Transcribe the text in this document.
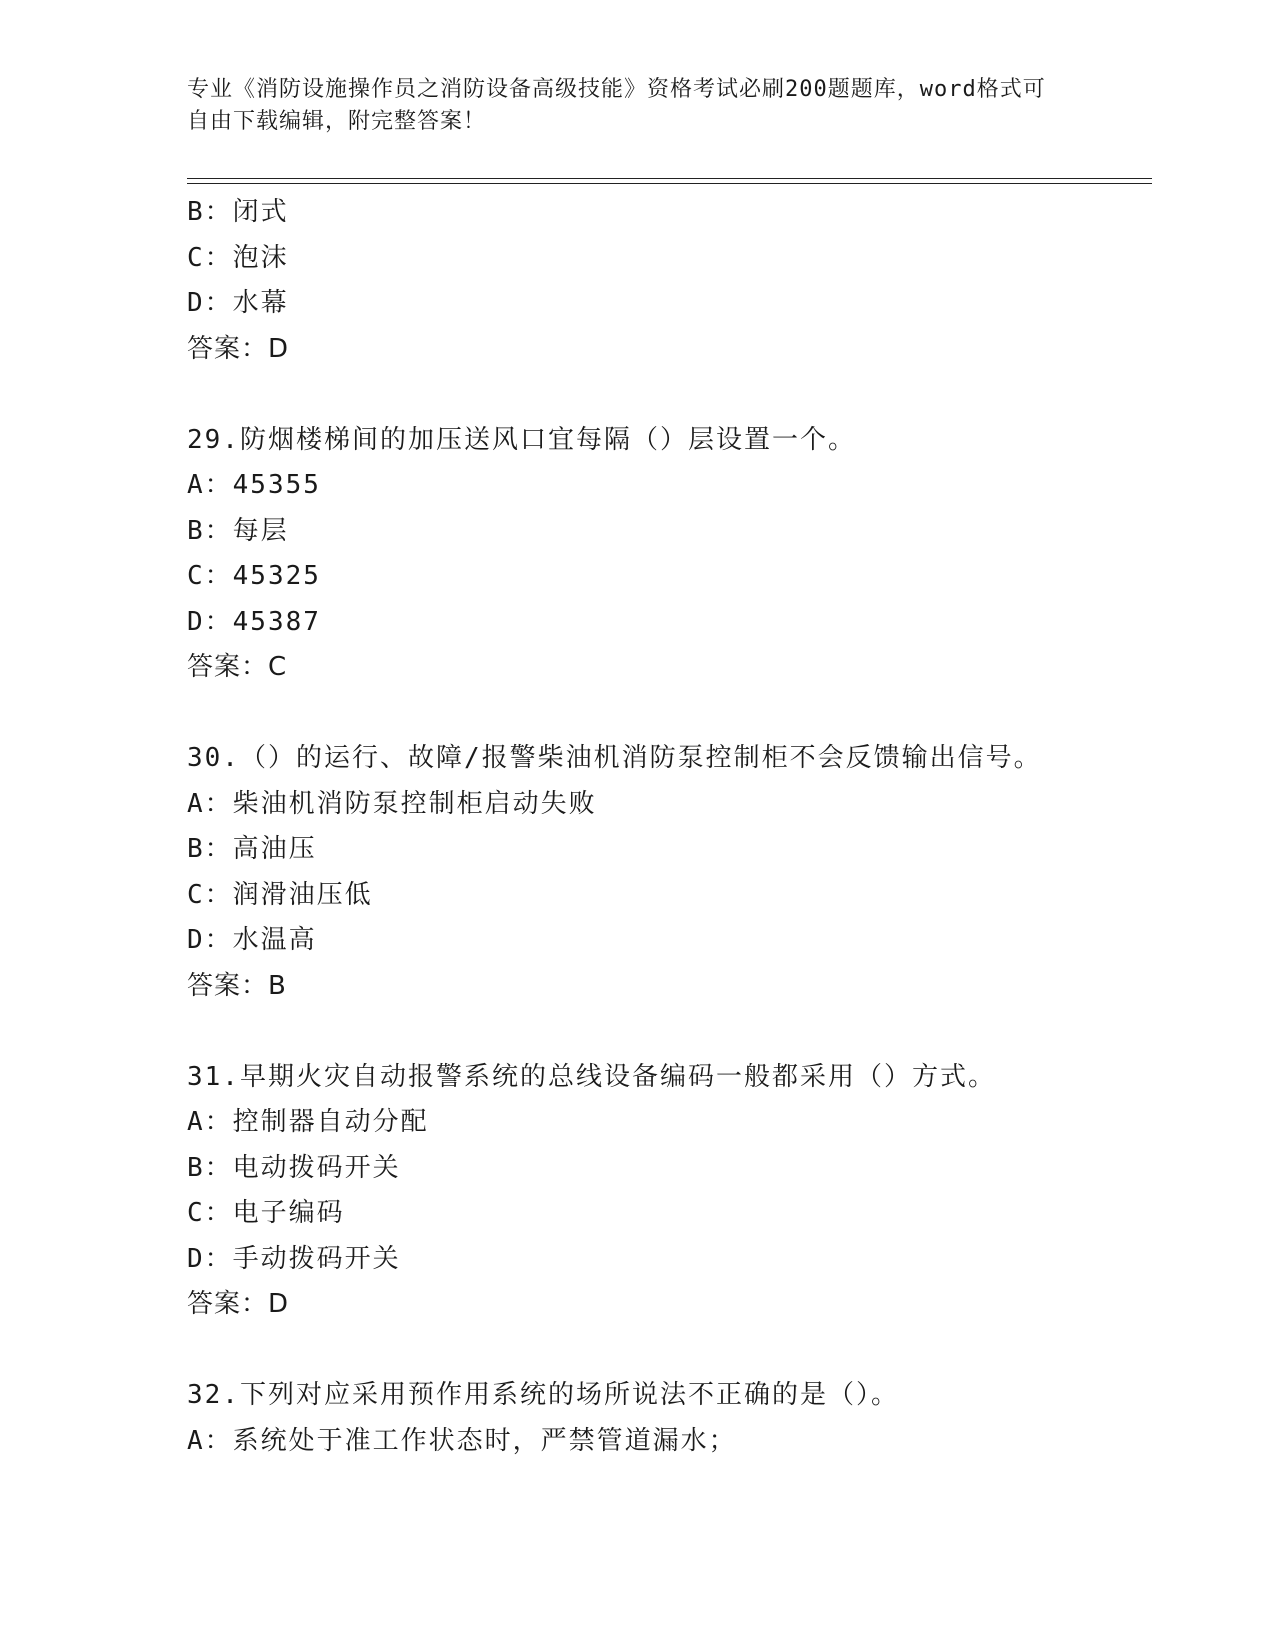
专业《消防设施操作员之消防设备高级技能》资格考试必刷200题题库，word格式可自由下载编辑，附完整答案！
B：闭式
C：泡沫
D：水幕
答案：D
29.防烟楼梯间的加压送风口宜每隔（）层设置一个。
A：45355
B：每层
C：45325
D：45387
答案：C
30.（）的运行、故障/报警柴油机消防泵控制柜不会反馈输出信号。
A：柴油机消防泵控制柜启动失败
B：高油压
C：润滑油压低
D：水温高
答案：B
31.早期火灾自动报警系统的总线设备编码一般都采用（）方式。
A：控制器自动分配
B：电动拨码开关
C：电子编码
D：手动拨码开关
答案：D
32.下列对应采用预作用系统的场所说法不正确的是（）。
A：系统处于准工作状态时，严禁管道漏水；
